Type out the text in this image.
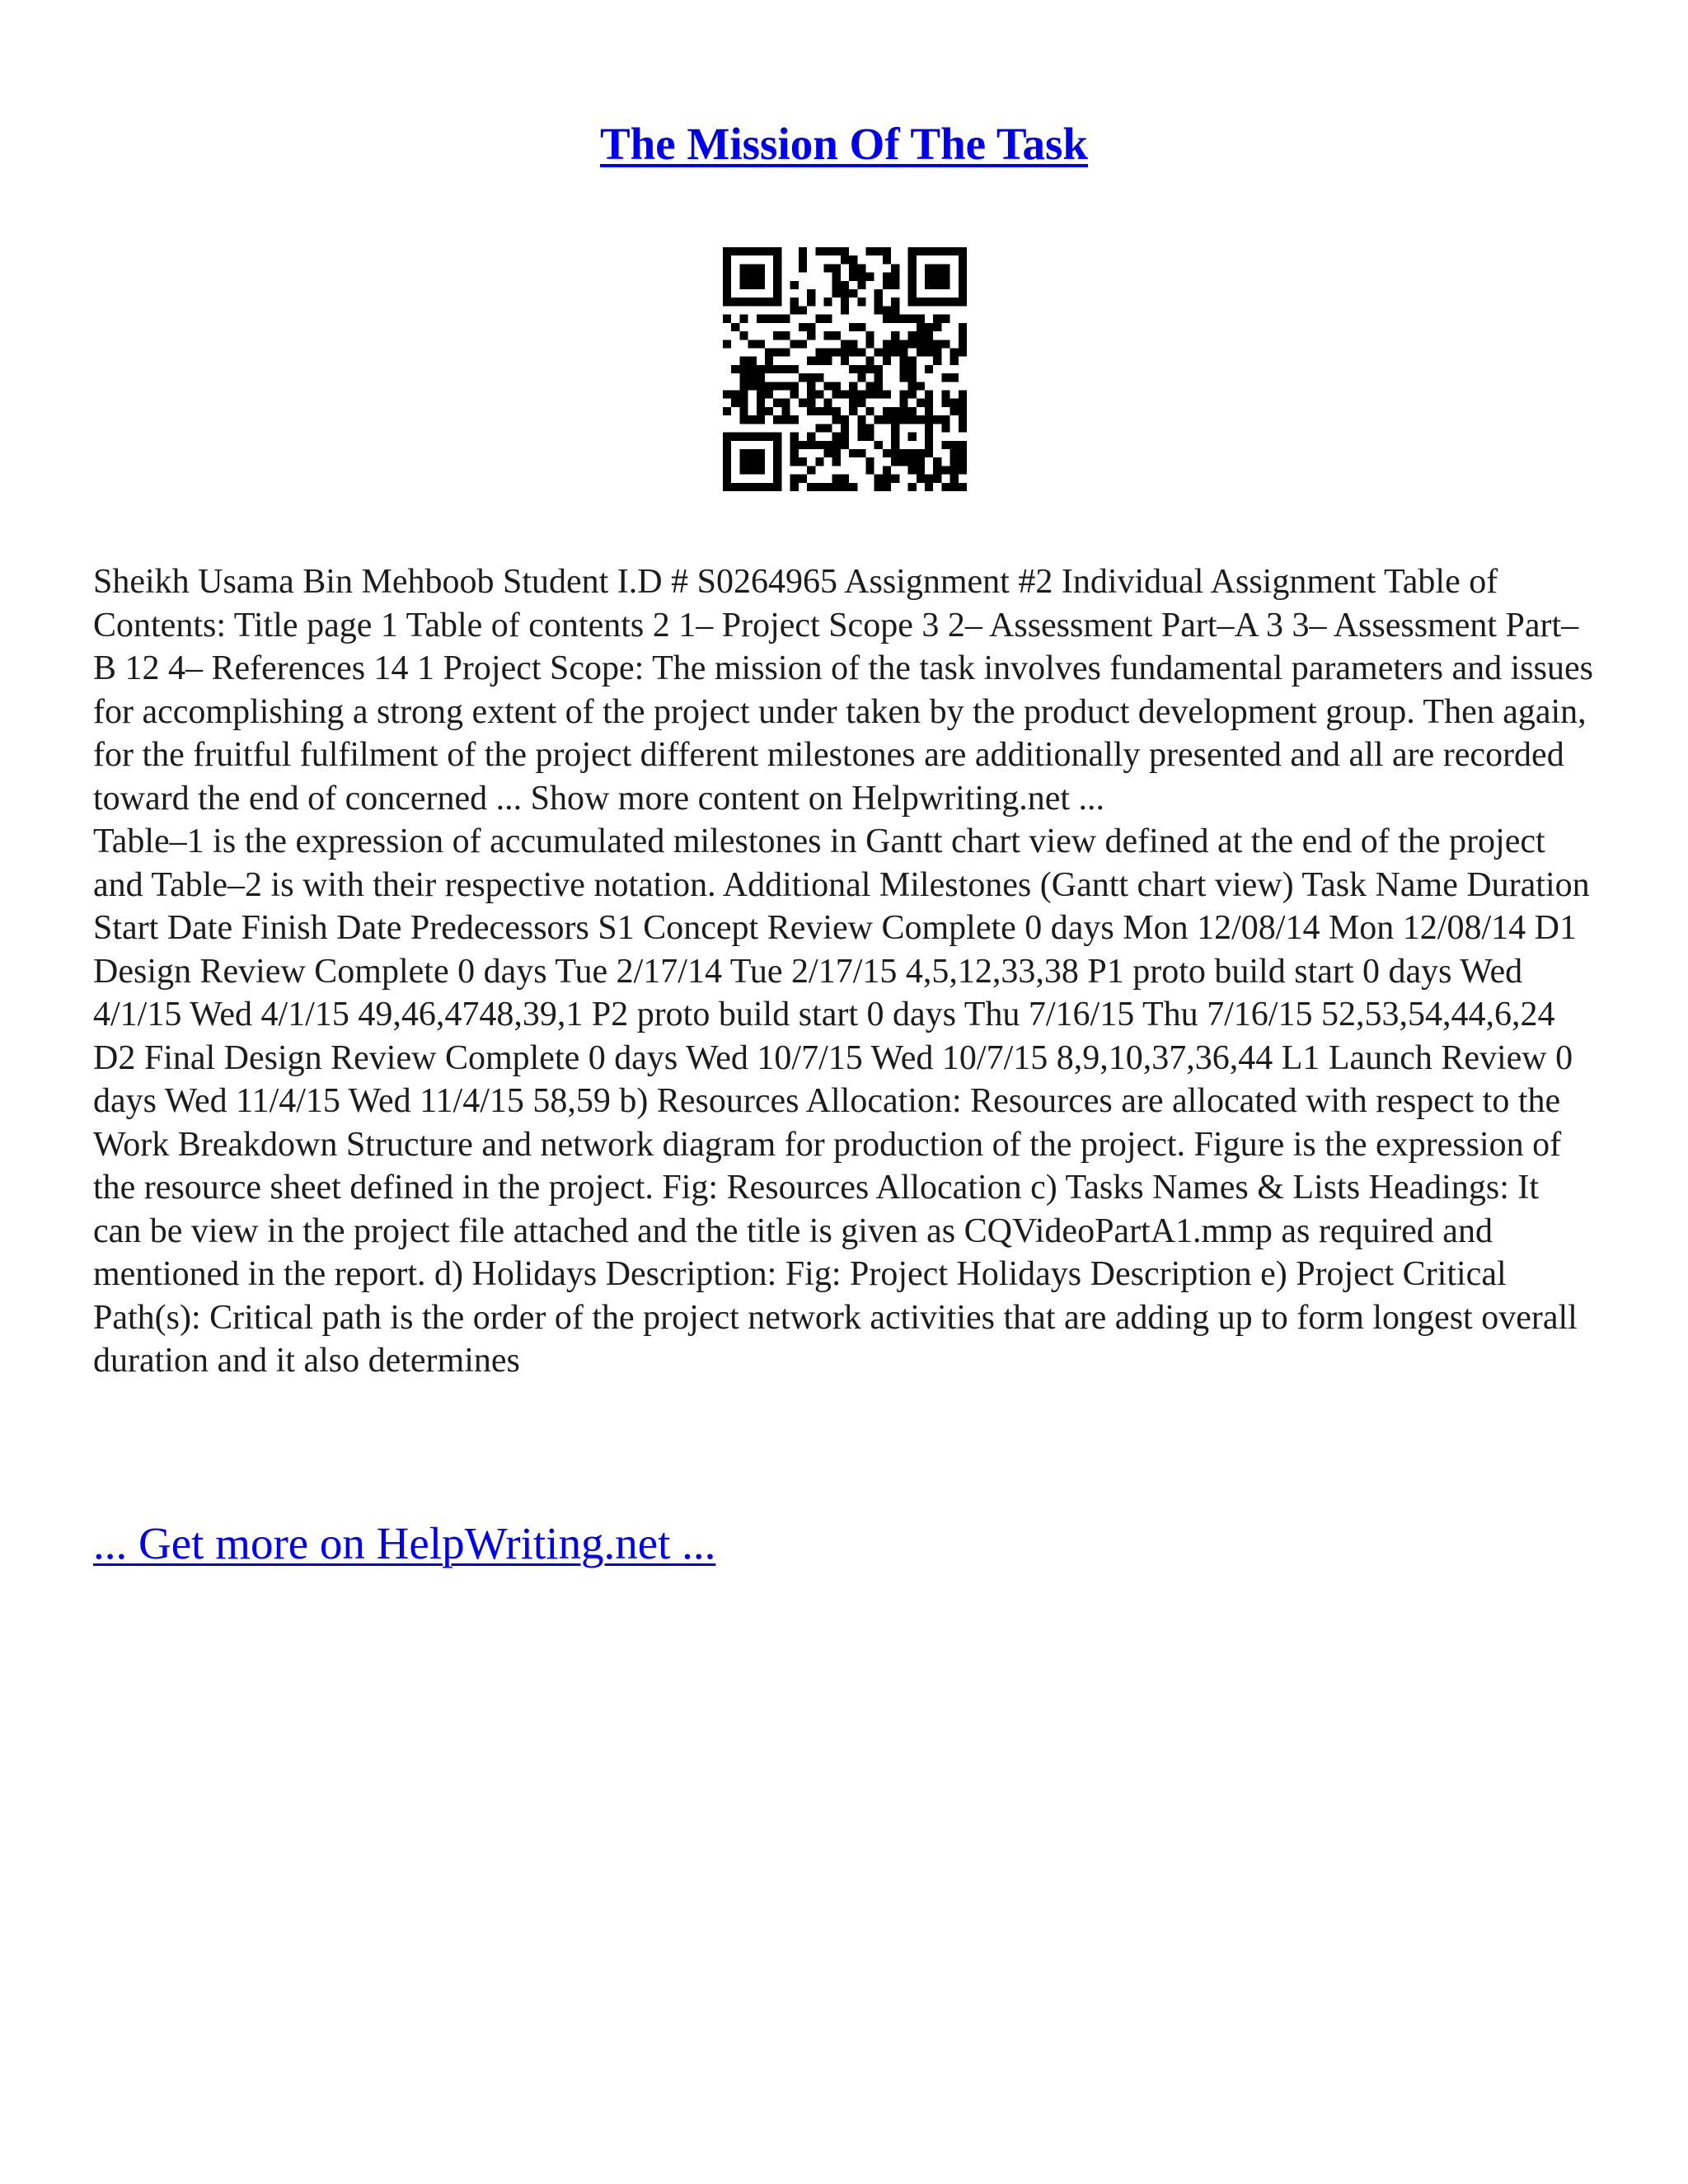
The Mission Of The Task

Sheikh Usama Bin Mehboob Student I.D # S0264965 Assignment #2 Individual Assignment Table of Contents: Title page 1 Table of contents 2 1– Project Scope 3 2– Assessment Part–A 3 3– Assessment Part–B 12 4– References 14 1 Project Scope: The mission of the task involves fundamental parameters and issues for accomplishing a strong extent of the project under taken by the product development group. Then again, for the fruitful fulfilment of the project different milestones are additionally presented and all are recorded toward the end of concerned ... Show more content on Helpwriting.net ...

Table–1 is the expression of accumulated milestones in Gantt chart view defined at the end of the project and Table–2 is with their respective notation. Additional Milestones (Gantt chart view) Task Name Duration Start Date Finish Date Predecessors S1 Concept Review Complete 0 days Mon 12/08/14 Mon 12/08/14 D1 Design Review Complete 0 days Tue 2/17/14 Tue 2/17/15 4,5,12,33,38 P1 proto build start 0 days Wed 4/1/15 Wed 4/1/15 49,46,4748,39,1 P2 proto build start 0 days Thu 7/16/15 Thu 7/16/15 52,53,54,44,6,24 D2 Final Design Review Complete 0 days Wed 10/7/15 Wed 10/7/15 8,9,10,37,36,44 L1 Launch Review 0 days Wed 11/4/15 Wed 11/4/15 58,59 b) Resources Allocation: Resources are allocated with respect to the Work Breakdown Structure and network diagram for production of the project. Figure is the expression of the resource sheet defined in the project. Fig: Resources Allocation c) Tasks Names & Lists Headings: It can be view in the project file attached and the title is given as CQVideoPartA1.mmp as required and mentioned in the report. d) Holidays Description: Fig: Project Holidays Description e) Project Critical Path(s): Critical path is the order of the project network activities that are adding up to form longest overall duration and it also determines

... Get more on HelpWriting.net ...
